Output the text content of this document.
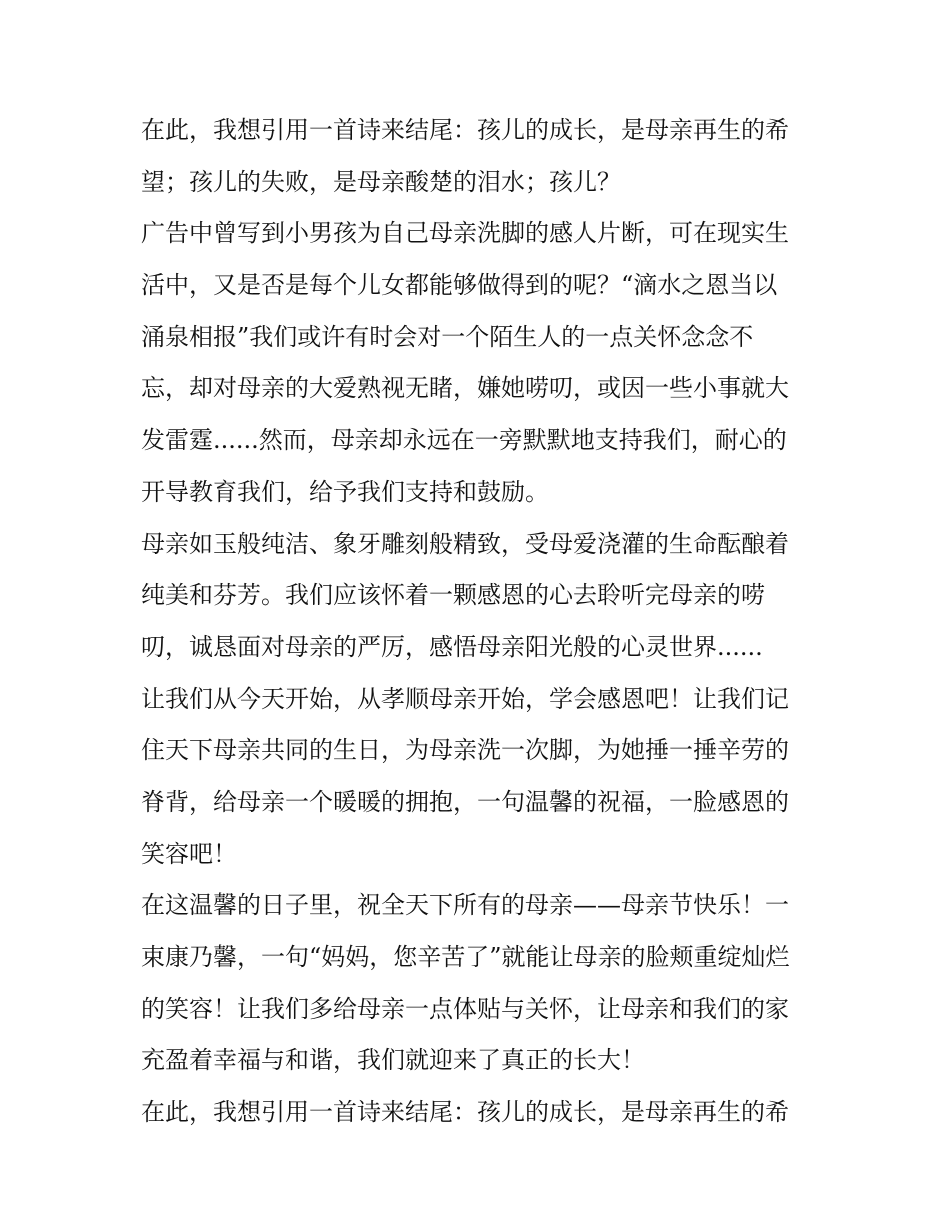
在此，我想引用一首诗来结尾：孩儿的成长，是母亲再生的希
望；孩儿的失败，是母亲酸楚的泪水；孩儿？
广告中曾写到小男孩为自己母亲洗脚的感人片断，可在现实生
活中，又是否是每个儿女都能够做得到的呢？“滴水之恩当以
涌泉相报”我们或许有时会对一个陌生人的一点关怀念念不
忘，却对母亲的大爱熟视无睹，嫌她唠叨，或因一些小事就大
发雷霆......然而，母亲却永远在一旁默默地支持我们，耐心的
开导教育我们，给予我们支持和鼓励。
母亲如玉般纯洁、象牙雕刻般精致，受母爱浇灌的生命酝酿着
纯美和芬芳。我们应该怀着一颗感恩的心去聆听完母亲的唠
叨，诚恳面对母亲的严厉，感悟母亲阳光般的心灵世界......
让我们从今天开始，从孝顺母亲开始，学会感恩吧！让我们记
住天下母亲共同的生日，为母亲洗一次脚，为她捶一捶辛劳的
脊背，给母亲一个暖暖的拥抱，一句温馨的祝福，一脸感恩的
笑容吧！
在这温馨的日子里，祝全天下所有的母亲——母亲节快乐！一
束康乃馨，一句“妈妈，您辛苦了”就能让母亲的脸颊重绽灿烂
的笑容！让我们多给母亲一点体贴与关怀，让母亲和我们的家
充盈着幸福与和谐，我们就迎来了真正的长大！
在此，我想引用一首诗来结尾：孩儿的成长，是母亲再生的希
